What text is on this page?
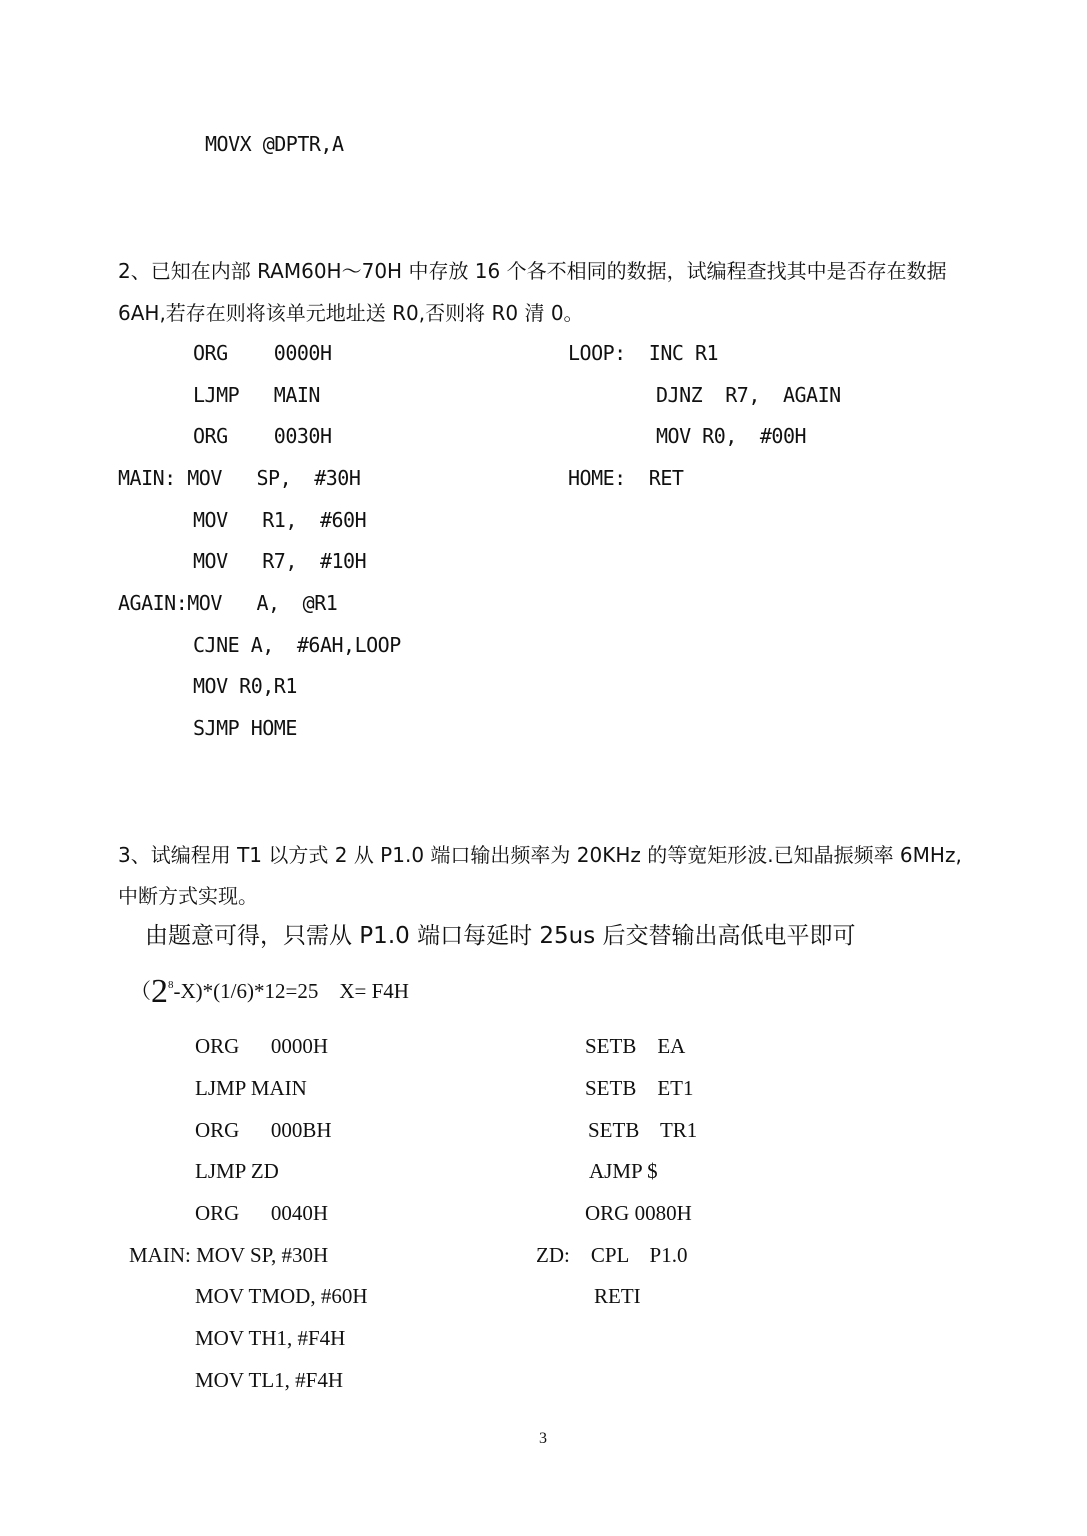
MOVX @DPTR,A
2、已知在内部 RAM60H～70H 中存放 16 个各不相同的数据，试编程查找其中是否存在数据
6AH,若存在则将该单元地址送 R0,否则将 R0 清 0。
ORG    0000H
LJMP   MAIN
ORG    0030H
MAIN: MOV   SP,  #30H
MOV   R1,  #60H
MOV   R7,  #10H
AGAIN:MOV   A,  @R1
CJNE A,  #6AH,LOOP
MOV R0,R1
SJMP HOME
LOOP:  INC R1
DJNZ  R7,  AGAIN
MOV R0,  #00H
HOME:  RET
3、试编程用 T1 以方式 2 从 P1.0 端口输出频率为 20KHz 的等宽矩形波.已知晶振频率 6MHz,
中断方式实现。
由题意可得，只需从 P1.0 端口每延时 25us 后交替输出高低电平即可
$(2^8-X)*(1/6)*12=25$    X= F4H
ORG      0000H
LJMP MAIN
ORG      000BH
LJMP ZD
ORG      0040H
MAIN: MOV SP, #30H
MOV TMOD, #60H
MOV TH1, #F4H
MOV TL1, #F4H
SETB    EA
SETB    ET1
SETB    TR1
AJMP $
ORG 0080H
ZD:    CPL    P1.0
RETI
3
